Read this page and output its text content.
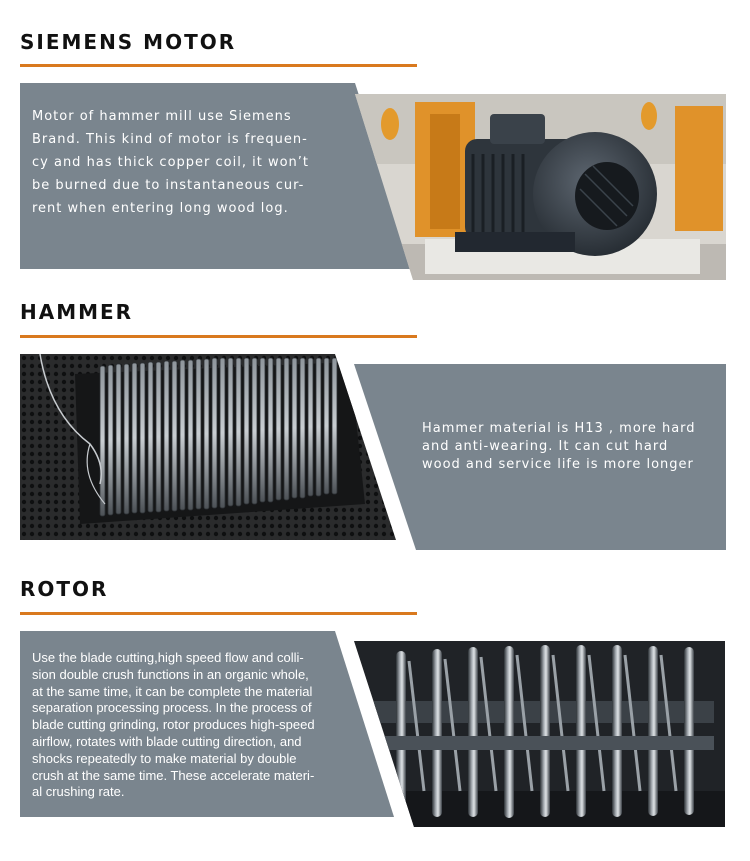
SIEMENS MOTOR

Motor of hammer mill use Siemens

Brand. This kind of motor is frequen-

cy and has thick copper coil, it won’t

be burned due to instantaneous cur-

rent when entering long wood log.

HAMMER

Hammer material is H13 , more hard

and anti-wearing. It can cut hard

wood and service life is more longer

ROTOR

Use the blade cutting,high speed flow and colli-

sion double crush functions in an organic whole,

at the same time, it can be complete the material

separation processing process. In the process of

blade cutting grinding, rotor produces high-speed

airflow, rotates with blade cutting direction, and

shocks repeatedly to make material by double

crush at the same time. These accelerate materi-

al crushing rate.
